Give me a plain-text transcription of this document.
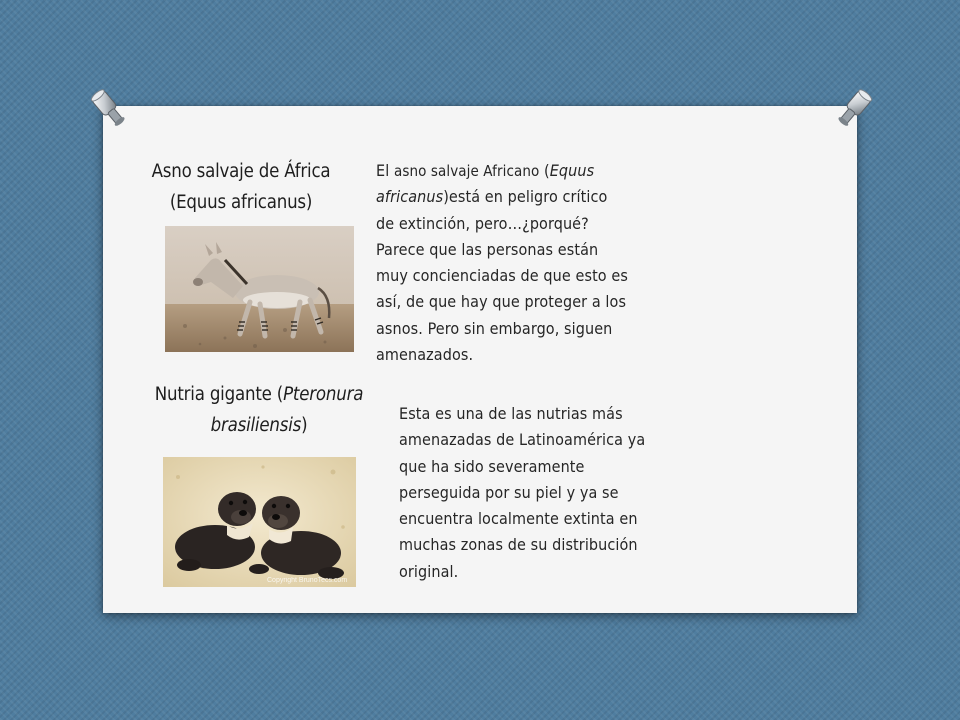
Asno salvaje de África
(Equus africanus)
El asno salvaje Africano (Equus
africanus)está en peligro crítico
de extinción, pero…¿porqué?
Parece que las personas están
muy concienciadas de que esto es
así, de que hay que proteger a los
asnos. Pero sin embargo, siguen
amenazados.
Nutria gigante (Pteronura
brasiliensis)
Copyright BrunoTecs.com
Esta es una de las nutrias más
amenazadas de Latinoamérica ya
que ha sido severamente
perseguida por su piel y ya se
encuentra localmente extinta en
muchas zonas de su distribución
original.
